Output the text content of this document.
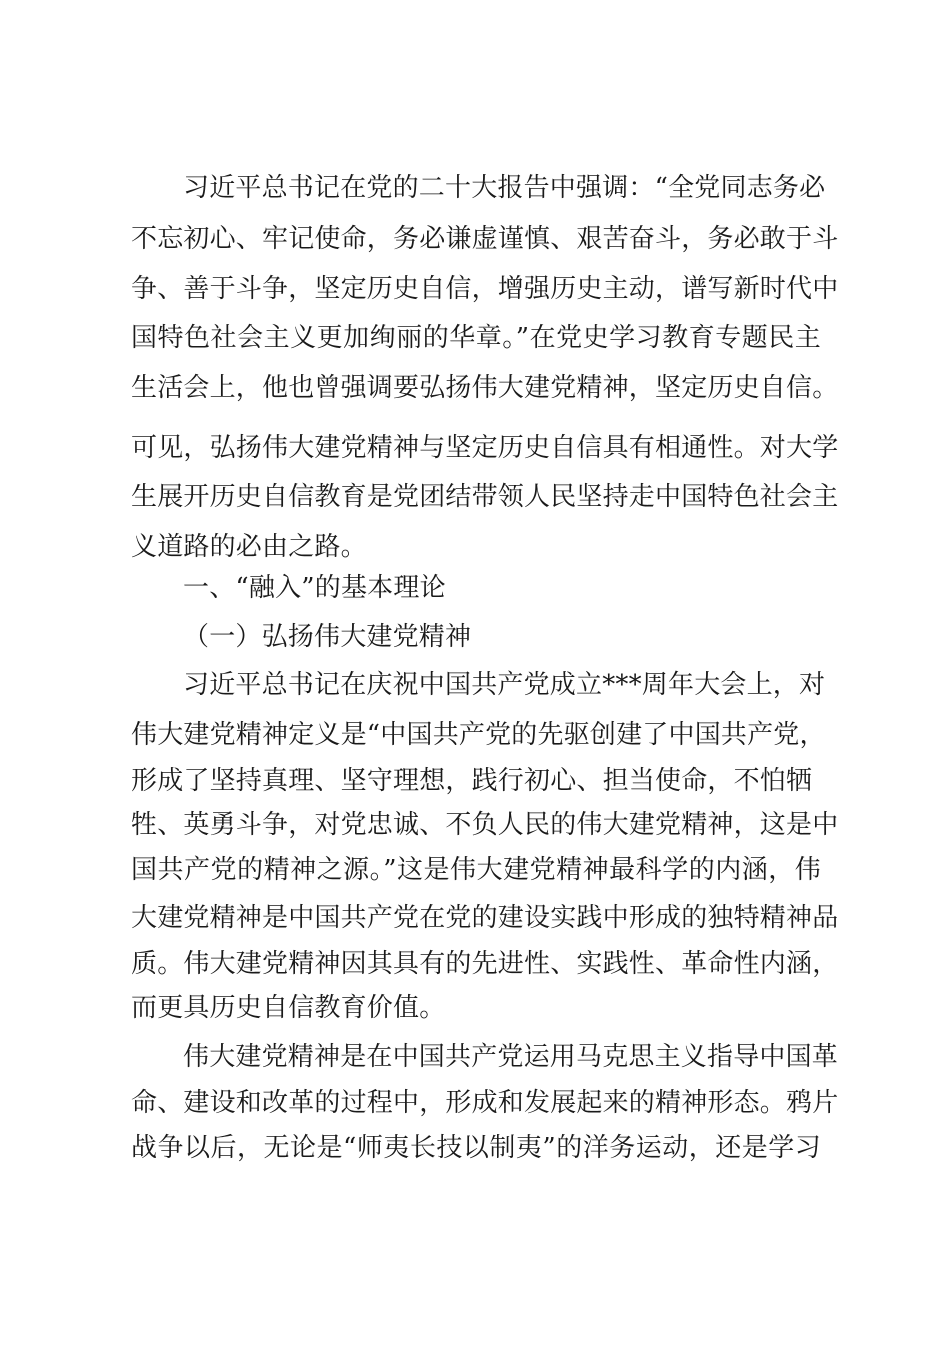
习近平总书记在党的二十大报告中强调：“全党同志务必
不忘初心、牢记使命，务必谦虚谨慎、艰苦奋斗，务必敢于斗
争、善于斗争，坚定历史自信，增强历史主动，谱写新时代中
国特色社会主义更加绚丽的华章。”在党史学习教育专题民主
生活会上，他也曾强调要弘扬伟大建党精神，坚定历史自信。
可见，弘扬伟大建党精神与坚定历史自信具有相通性。对大学
生展开历史自信教育是党团结带领人民坚持走中国特色社会主
义道路的必由之路。
一、“融入”的基本理论
（一）弘扬伟大建党精神
习近平总书记在庆祝中国共产党成立***周年大会上，对
伟大建党精神定义是“中国共产党的先驱创建了中国共产党，
形成了坚持真理、坚守理想，践行初心、担当使命，不怕牺
牲、英勇斗争，对党忠诚、不负人民的伟大建党精神，这是中
国共产党的精神之源。”这是伟大建党精神最科学的内涵，伟
大建党精神是中国共产党在党的建设实践中形成的独特精神品
质。伟大建党精神因其具有的先进性、实践性、革命性内涵，
而更具历史自信教育价值。
伟大建党精神是在中国共产党运用马克思主义指导中国革
命、建设和改革的过程中，形成和发展起来的精神形态。鸦片
战争以后，无论是“师夷长技以制夷”的洋务运动，还是学习
